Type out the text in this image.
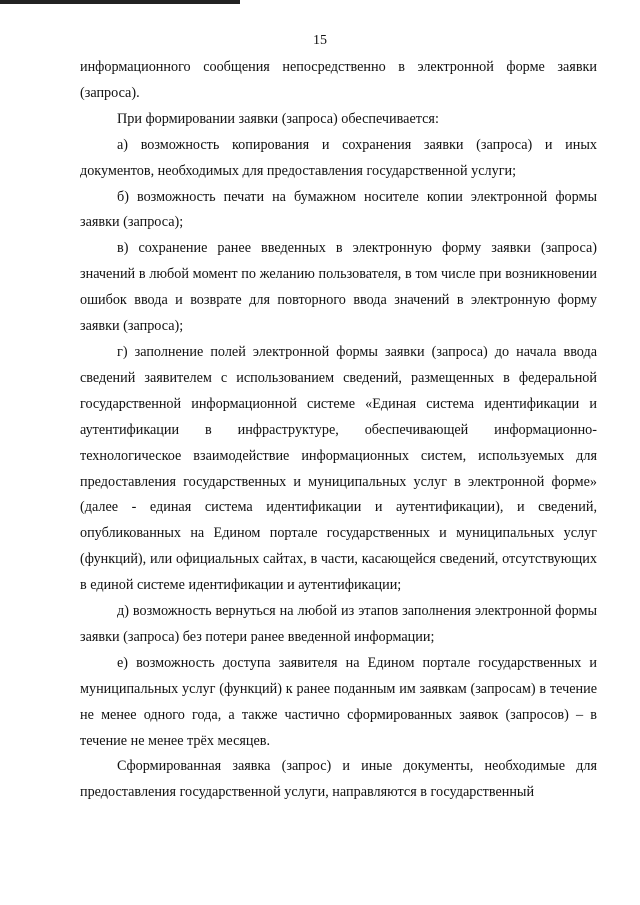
15

информационного сообщения непосредственно в электронной форме заявки (запроса).

При формировании заявки (запроса) обеспечивается:

а) возможность копирования и сохранения заявки (запроса) и иных документов, необходимых для предоставления государственной услуги;

б) возможность печати на бумажном носителе копии электронной формы заявки (запроса);

в) сохранение ранее введенных в электронную форму заявки (запроса) значений в любой момент по желанию пользователя, в том числе при возникновении ошибок ввода и возврате для повторного ввода значений в электронную форму заявки (запроса);

г) заполнение полей электронной формы заявки (запроса) до начала ввода сведений заявителем с использованием сведений, размещенных в федеральной государственной информационной системе «Единая система идентификации и аутентификации в инфраструктуре, обеспечивающей информационно-технологическое взаимодействие информационных систем, используемых для предоставления государственных и муниципальных услуг в электронной форме» (далее - единая система идентификации и аутентификации), и сведений, опубликованных на Едином портале государственных и муниципальных услуг (функций), или официальных сайтах, в части, касающейся сведений, отсутствующих в единой системе идентификации и аутентификации;

д) возможность вернуться на любой из этапов заполнения электронной формы заявки (запроса) без потери ранее введенной информации;

е) возможность доступа заявителя на Едином портале государственных и муниципальных услуг (функций) к ранее поданным им заявкам (запросам) в течение не менее одного года, а также частично сформированных заявок (запросов) – в течение не менее трёх месяцев.

Сформированная заявка (запрос) и иные документы, необходимые для предоставления государственной услуги, направляются в государственный
